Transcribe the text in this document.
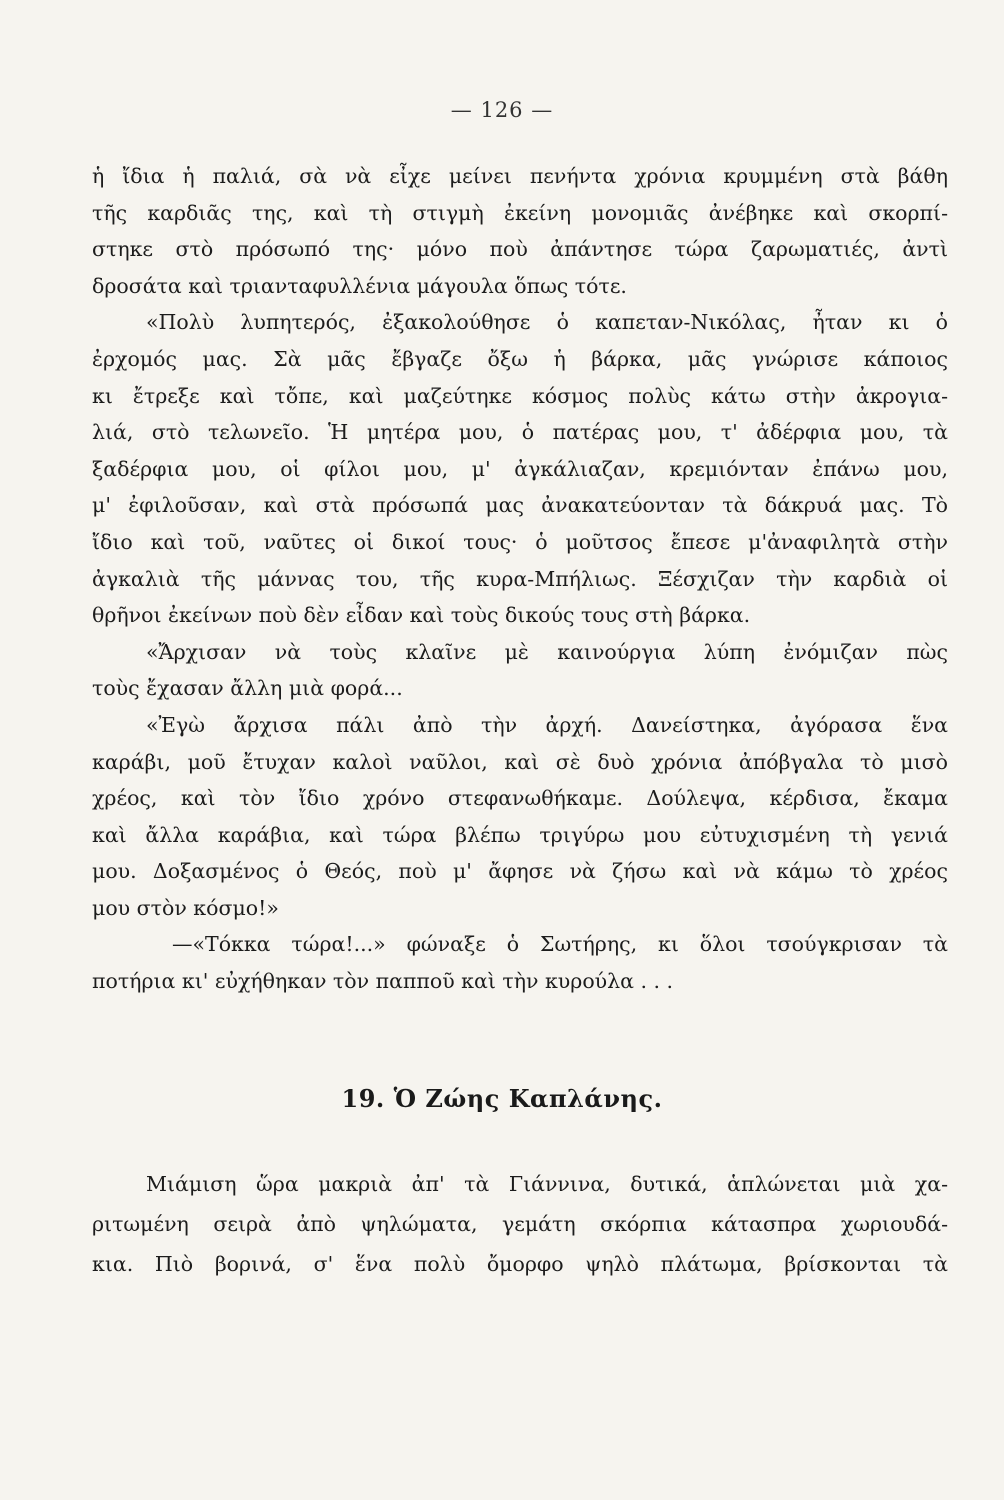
— 126 —
ἡ ἴδια ἡ παλιά, σὰ νὰ εἶχε μείνει πενήντα χρόνια κρυμμένη στὰ βάθη
τῆς καρδιᾶς της, καὶ τὴ στιγμὴ ἐκείνη μονομιᾶς ἀνέβηκε καὶ σκορπί-
στηκε στὸ πρόσωπό της· μόνο ποὺ ἀπάντησε τώρα ζαρωματιές, ἀντὶ
δροσάτα καὶ τριανταφυλλένια μάγουλα ὅπως τότε.
«Πολὺ λυπητερός, ἐξακολούθησε ὁ καπεταν-Νικόλας, ἦταν κι ὁ
ἐρχομός μας. Σὰ μᾶς ἔβγαζε ὄξω ἡ βάρκα, μᾶς γνώρισε κάποιος
κι ἔτρεξε καὶ τὄπε, καὶ μαζεύτηκε κόσμος πολὺς κάτω στὴν ἀκρογια-
λιά, στὸ τελωνεῖο. Ἡ μητέρα μου, ὁ πατέρας μου, τ' ἀδέρφια μου, τὰ
ξαδέρφια μου, οἱ φίλοι μου, μ' ἀγκάλιαζαν, κρεμιόνταν ἐπάνω μου,
μ' ἐφιλοῦσαν, καὶ στὰ πρόσωπά μας ἀνακατεύονταν τὰ δάκρυά μας. Τὸ
ἴδιο καὶ τοῦ, ναῦτες οἱ δικοί τους· ὁ μοῦτσος ἔπεσε μ'ἀναφιλητὰ στὴν
ἀγκαλιὰ τῆς μάννας του, τῆς κυρα-Μπήλιως. Ξέσχιζαν τὴν καρδιὰ οἱ
θρῆνοι ἐκείνων ποὺ δὲν εἶδαν καὶ τοὺς δικούς τους στὴ βάρκα.
«Ἄρχισαν νὰ τοὺς κλαῖνε μὲ καινούργια λύπη ἐνόμιζαν πὼς
τοὺς ἔχασαν ἄλλη μιὰ φορά...
«Ἐγὼ ἄρχισα πάλι ἀπὸ τὴν ἀρχή. Δανείστηκα, ἀγόρασα ἕνα
καράβι, μοῦ ἔτυχαν καλοὶ ναῦλοι, καὶ σὲ δυὸ χρόνια ἀπόβγαλα τὸ μισὸ
χρέος, καὶ τὸν ἴδιο χρόνο στεφανωθήκαμε. Δούλεψα, κέρδισα, ἔκαμα
καὶ ἄλλα καράβια, καὶ τώρα βλέπω τριγύρω μου εὐτυχισμένη τὴ γενιά
μου. Δοξασμένος ὁ Θεός, ποὺ μ' ἄφησε νὰ ζήσω καὶ νὰ κάμω τὸ χρέος
μου στὸν κόσμο!»
—«Τόκκα τώρα!...» φώναξε ὁ Σωτήρης, κι ὅλοι τσούγκρισαν τὰ
ποτήρια κι' εὐχήθηκαν τὸν παπποῦ καὶ τὴν κυρούλα . . .
19. Ὁ Ζώης Καπλάνης.
Μιάμιση ὥρα μακριὰ ἀπ' τὰ Γιάννινα, δυτικά, ἁπλώνεται μιὰ χα-
ριτωμένη σειρὰ ἀπὸ ψηλώματα, γεμάτη σκόρπια κάτασπρα χωριουδά-
κια. Πιὸ βορινά, σ' ἕνα πολὺ ὄμορφο ψηλὸ πλάτωμα, βρίσκονται τὰ
